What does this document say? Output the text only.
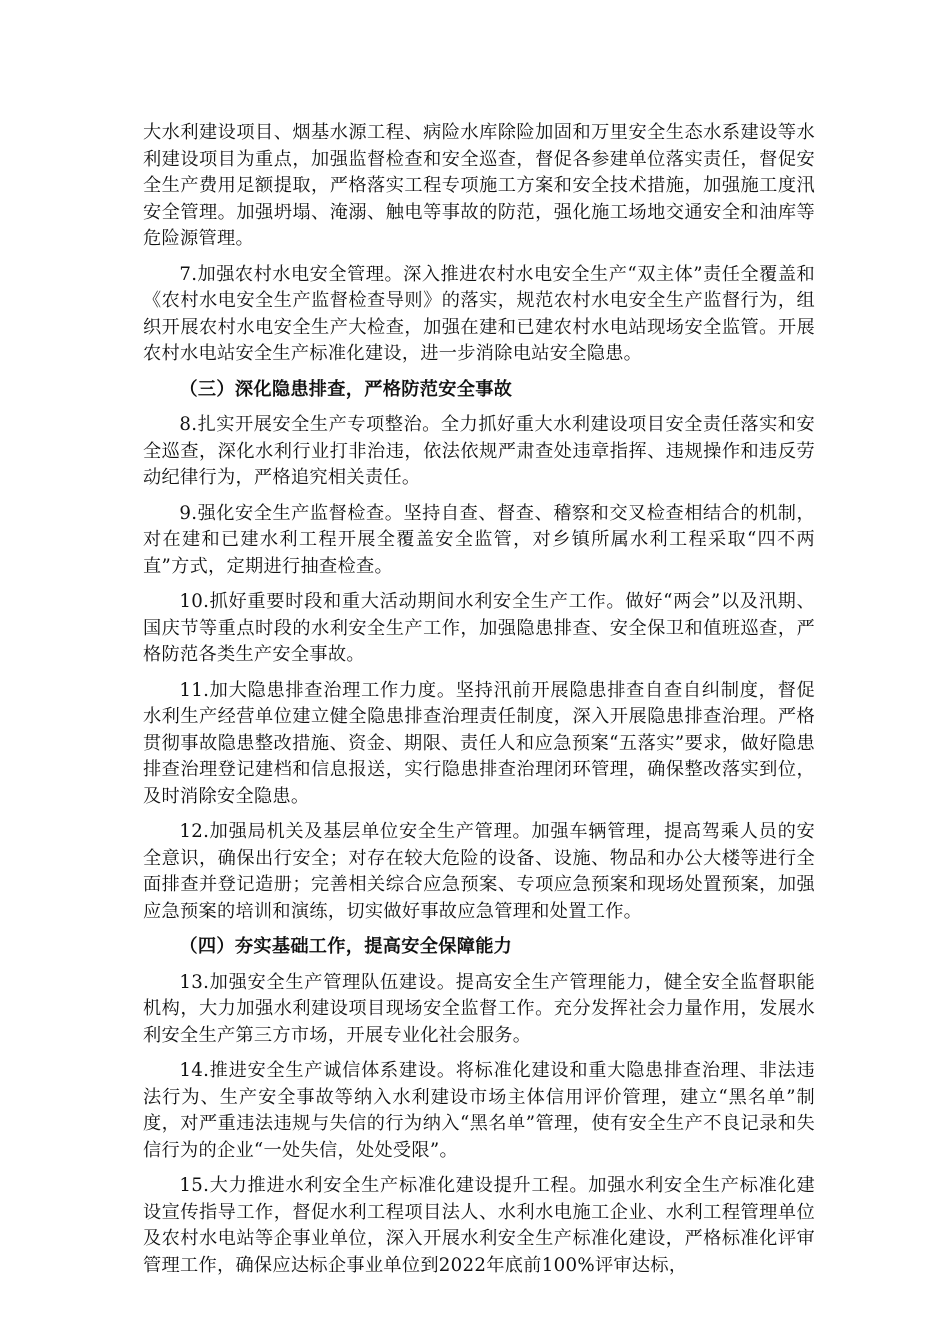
大水利建设项目、烟基水源工程、病险水库除险加固和万里安全生态水系建设等水利建设项目为重点，加强监督检查和安全巡查，督促各参建单位落实责任，督促安全生产费用足额提取，严格落实工程专项施工方案和安全技术措施，加强施工度汛安全管理。加强坍塌、淹溺、触电等事故的防范，强化施工场地交通安全和油库等危险源管理。

7.加强农村水电安全管理。深入推进农村水电安全生产“双主体”责任全覆盖和《农村水电安全生产监督检查导则》的落实，规范农村水电安全生产监督行为，组织开展农村水电安全生产大检查，加强在建和已建农村水电站现场安全监管。开展农村水电站安全生产标准化建设，进一步消除电站安全隐患。

（三）深化隐患排查，严格防范安全事故

8.扎实开展安全生产专项整治。全力抓好重大水利建设项目安全责任落实和安全巡查，深化水利行业打非治违，依法依规严肃查处违章指挥、违规操作和违反劳动纪律行为，严格追究相关责任。

9.强化安全生产监督检查。坚持自查、督查、稽察和交叉检查相结合的机制，对在建和已建水利工程开展全覆盖安全监管，对乡镇所属水利工程采取“四不两直”方式，定期进行抽查检查。

10.抓好重要时段和重大活动期间水利安全生产工作。做好“两会”以及汛期、国庆节等重点时段的水利安全生产工作，加强隐患排查、安全保卫和值班巡查，严格防范各类生产安全事故。

11.加大隐患排查治理工作力度。坚持汛前开展隐患排查自查自纠制度，督促水利生产经营单位建立健全隐患排查治理责任制度，深入开展隐患排查治理。严格贯彻事故隐患整改措施、资金、期限、责任人和应急预案“五落实”要求，做好隐患排查治理登记建档和信息报送，实行隐患排查治理闭环管理，确保整改落实到位，及时消除安全隐患。

12.加强局机关及基层单位安全生产管理。加强车辆管理，提高驾乘人员的安全意识，确保出行安全；对存在较大危险的设备、设施、物品和办公大楼等进行全面排查并登记造册；完善相关综合应急预案、专项应急预案和现场处置预案，加强应急预案的培训和演练，切实做好事故应急管理和处置工作。

（四）夯实基础工作，提高安全保障能力

13.加强安全生产管理队伍建设。提高安全生产管理能力，健全安全监督职能机构，大力加强水利建设项目现场安全监督工作。充分发挥社会力量作用，发展水利安全生产第三方市场，开展专业化社会服务。

14.推进安全生产诚信体系建设。将标准化建设和重大隐患排查治理、非法违法行为、生产安全事故等纳入水利建设市场主体信用评价管理，建立“黑名单”制度，对严重违法违规与失信的行为纳入“黑名单”管理，使有安全生产不良记录和失信行为的企业“一处失信，处处受限”。

15.大力推进水利安全生产标准化建设提升工程。加强水利安全生产标准化建设宣传指导工作，督促水利工程项目法人、水利水电施工企业、水利工程管理单位及农村水电站等企事业单位，深入开展水利安全生产标准化建设，严格标准化评审管理工作，确保应达标企事业单位到2022年底前100%评审达标，
